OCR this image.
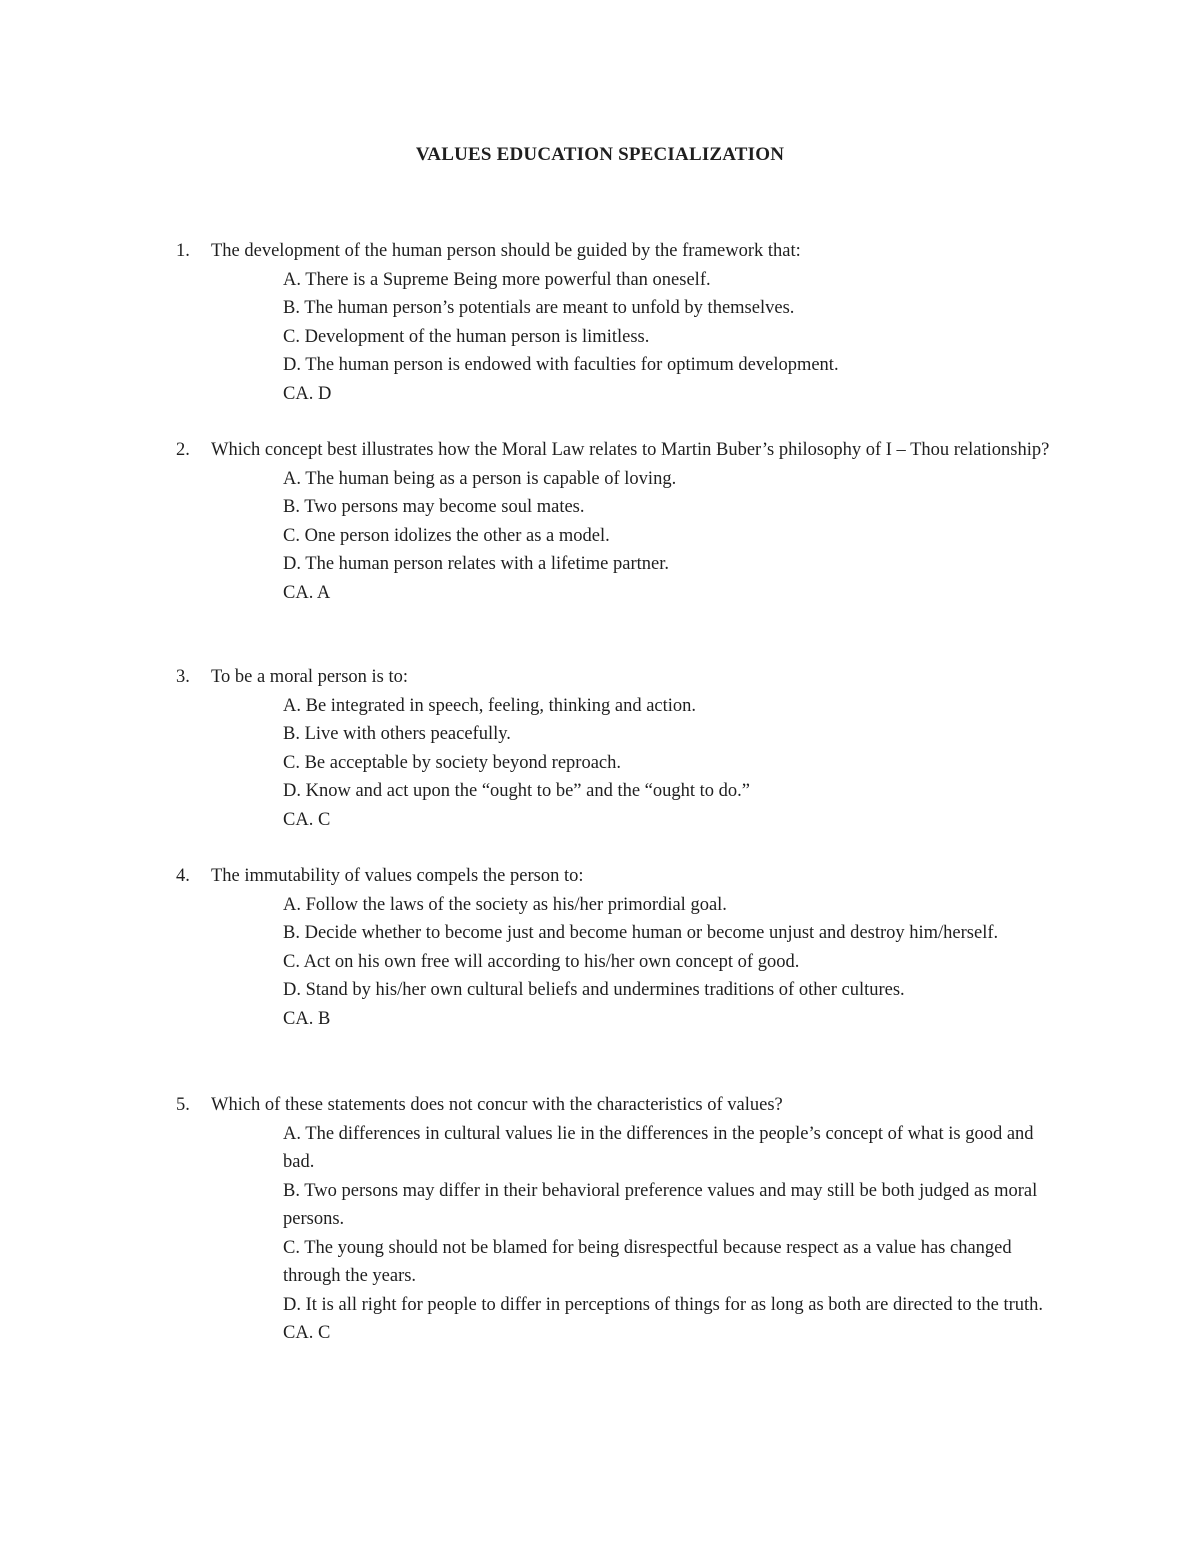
VALUES EDUCATION SPECIALIZATION
1. The development of the human person should be guided by the framework that:
A. There is a Supreme Being more powerful than oneself.
B. The human person’s potentials are meant to unfold by themselves.
C. Development of the human person is limitless.
D. The human person is endowed with faculties for optimum development.
CA. D
2. Which concept best illustrates how the Moral Law relates to Martin Buber’s philosophy of I – Thou relationship?
A. The human being as a person is capable of loving.
B. Two persons may become soul mates.
C. One person idolizes the other as a model.
D. The human person relates with a lifetime partner.
CA. A
3. To be a moral person is to:
A. Be integrated in speech, feeling, thinking and action.
B. Live with others peacefully.
C. Be acceptable by society beyond reproach.
D. Know and act upon the “ought to be” and the “ought to do.”
CA. C
4. The immutability of values compels the person to:
A. Follow the laws of the society as his/her primordial goal.
B. Decide whether to become just and become human or become unjust and destroy him/herself.
C. Act on his own free will according to his/her own concept of good.
D. Stand by his/her own cultural beliefs and undermines traditions of other cultures.
CA. B
5. Which of these statements does not concur with the characteristics of values?
A. The differences in cultural values lie in the differences in the people’s concept of what is good and bad.
B. Two persons may differ in their behavioral preference values and may still be both judged as moral persons.
C. The young should not be blamed for being disrespectful because respect as a value has changed through the years.
D. It is all right for people to differ in perceptions of things for as long as both are directed to the truth.
CA. C
